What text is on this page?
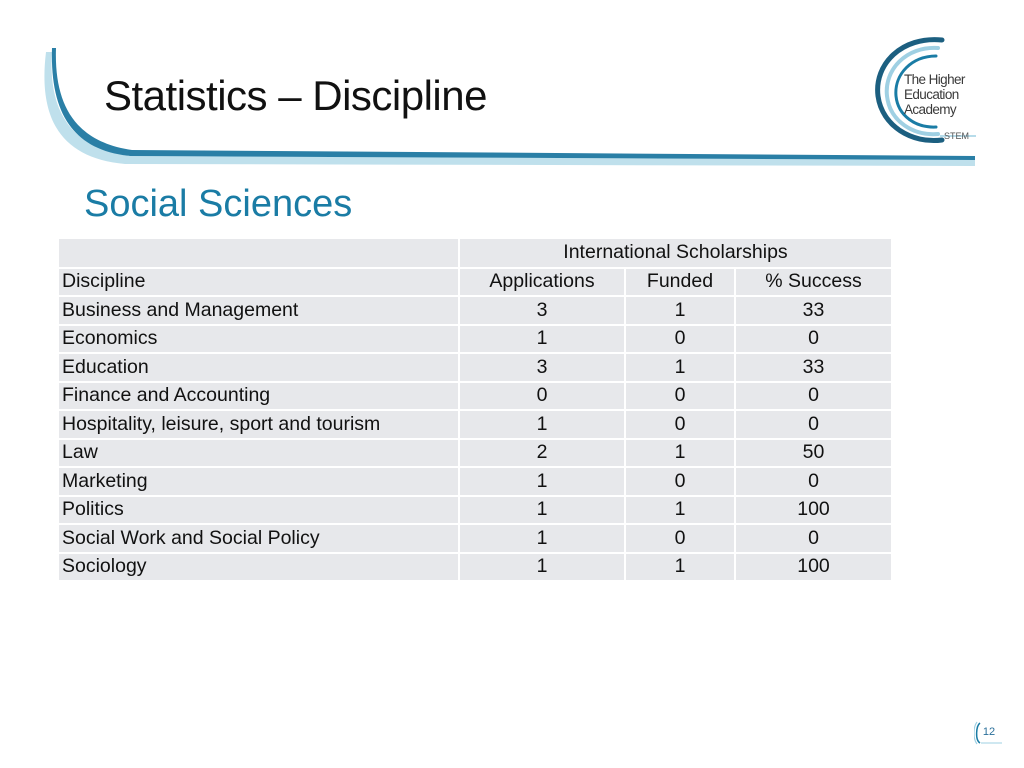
Statistics – Discipline
Social Sciences
The Higher
Education
Academy
STEM
	International Scholarships		
Discipline	Applications	Funded	% Success
Business and Management	3	1	33
Economics	1	0	0
Education	3	1	33
Finance and Accounting	0	0	0
Hospitality, leisure, sport and tourism	1	0	0
Law	2	1	50
Marketing	1	0	0
Politics	1	1	100
Social Work and Social Policy	1	0	0
Sociology	1	1	100
12
